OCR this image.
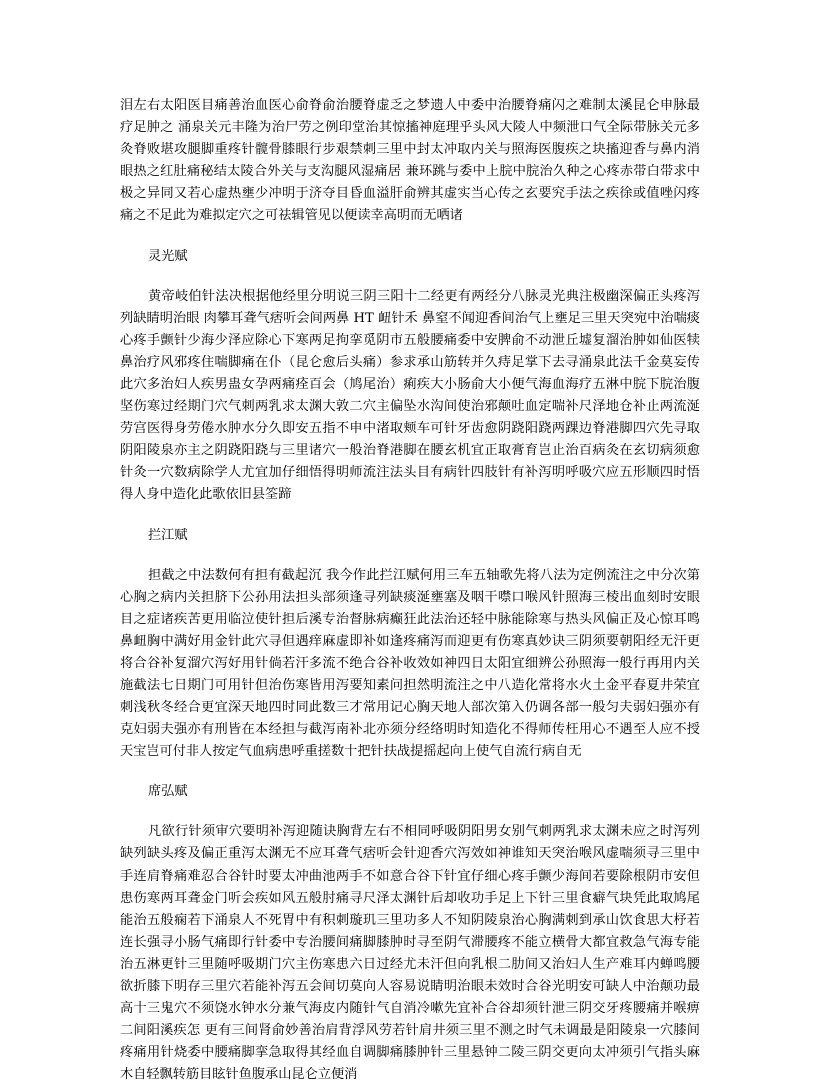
泪左右太阳医目痛善治血医心俞脊俞治腰脊虚乏之梦遗人中委中治腰脊痛闪之难制太溪昆仑申脉最疗足肿之 涌泉关元丰隆为治尸劳之例印堂治其惊搐神庭理乎头风大陵人中频泄口气全际带脉关元多灸脊败堪攻腿脚重疼针髋骨膝眼行步艰禁刺三里中封太冲取内关与照海医腹疾之块搐迎香与鼻内消眼热之红肚痛秘结太陵合外关与支沟腿风湿痛居 兼环跳与委中上脘中脘治久种之心疼赤带白带求中极之异同又若心虚热壅少冲明于济夺目昏血溢肝俞辨其虚实当心传之玄要究手法之疾徐或值唑闪疼痛之不足此为难拟定穴之可祛辑管见以便读幸高明而无哂诸

灵光赋

黄帝岐伯针法决根据他经里分明说三阴三阳十二经更有两经分八脉灵光典注极幽深偏正头疼泻列缺睛明治眼 肉攀耳聋气痞听会间两鼻 HT 衄针禾 鼻窒不闻迎香间治气上壅足三里天突宛中治喘痰心疼手颤针少海少泽应除心下寒两足拘挛觅阴市五般腰痛委中安脾俞不动泄丘墟复溜治肿如仙医犊鼻治疗风邪疼住喘脚痛在仆（昆仑愈后头痛）参求承山筋转并久痔足掌下去寻涌泉此法千金莫妄传此穴多治妇人疾男蛊女孕两痛痊百会（鸠尾治）痢疾大小肠俞大小便气海血海疗五淋中脘下脘治腹坚伤寒过经期门穴气刺两乳求太渊大敦二穴主偏坠水沟间使治邪颠吐血定喘补尺泽地仓补止两流涎劳宫医得身劳倦水肿水分久即安五指不申中渚取颊车可针牙齿愈阴跷阳跷两踝边脊港脚四穴先寻取阴阳陵泉亦主之阴跷阳跷与三里诸穴一般治脊港脚在腰玄机宜正取膏育岂止治百病灸在玄切病须愈针灸一穴数病除学人尤宜加仔细悟得明师流注法头目有病针四肢针有补泻明呼吸穴应五形顺四时悟得人身中造化此歌依旧县筌蹄

拦江赋

担截之中法数何有担有截起沉 我今作此拦江赋何用三车五轴歌先将八法为定例流注之中分次第心胸之病内关担脐下公孙用法担头部须逢寻列缺痰涎壅塞及咽干噤口喉风针照海三棱出血刻时安眼目之症诸疾苦更用临泣使针担后溪专治督脉病癫狂此法治还轻中脉能除寒与热头风偏正及心惊耳鸣鼻衄胸中满好用金针此穴寻但遇痒麻虚即补如逢疼痛泻而迎更有伤寒真妙诀三阴须要朝阳经无汗更将合谷补复溜穴泻好用针倘若汗多流不绝合谷补收效如神四日太阳宜细辨公孙照海一般行再用内关施截法七日期门可用针但治伤寒皆用泻要知素问担然明流注之中八造化常将水火土金平春夏井荣宜刺浅秋冬经合更宜深天地四时同此数三才常用记心胸天地人部次第入仍调各部一般匀夫弱妇强亦有克妇弱夫强亦有刑皆在本经担与截泻南补北亦须分经络明时知造化不得师传枉用心不遇至人应不授天宝岂可付非人按定气血病患呼重搓数十把针扶战提摇起向上使气自流行病自无

席弘赋

凡欲行针须审穴要明补泻迎随诀胸背左右不相同呼吸阴阳男女别气刺两乳求太渊未应之时泻列缺列缺头疼及偏正重泻太渊无不应耳聋气痞听会针迎香穴泻效如神谁知天突治喉风虚喘须寻三里中手连肩脊痛难忍合谷针时要太冲曲池两手不如意合谷下针宜仔细心疼手颤少海间若要除根阴市安但患伤寒两耳聋金门听会疾如风五般肘痛寻尺泽太渊针后却收功手足上下针三里食癖气块凭此取鸠尾能治五般痫若下涌泉人不死胃中有积刺璇玑三里功多人不知阴陵泉治心胸满刺到承山饮食思大杼若连长强寻小肠气痛即行针委中专治腰间痛脚膝肿时寻至阴气滞腰疼不能立横骨大都宜救急气海专能治五淋更针三里随呼吸期门穴主伤寒患六日过经尤未汗但向乳根二肋间又治妇人生产难耳内蝉鸣腰欲折膝下明存三里穴若能补泻五会间切莫向人容易说睛明治眼未效时合谷光明安可缺人中治颠功最高十三鬼穴不须饶水钟水分兼气海皮内随针气自消冷嗽先宜补合谷却须针泄三阴交牙疼腰痛并喉痹二间阳溪疾怎 更有三间肾俞妙善治肩背浮风劳若针肩井须三里不测之时气未调最是阳陵泉一穴膝间疼痛用针烧委中腰痛脚挛急取得其经血自调脚痛膝肿针三里悬钟二陵三阴交更向太冲须引气指头麻木自轻飘转筋目眩针鱼腹承山昆仑立便消
